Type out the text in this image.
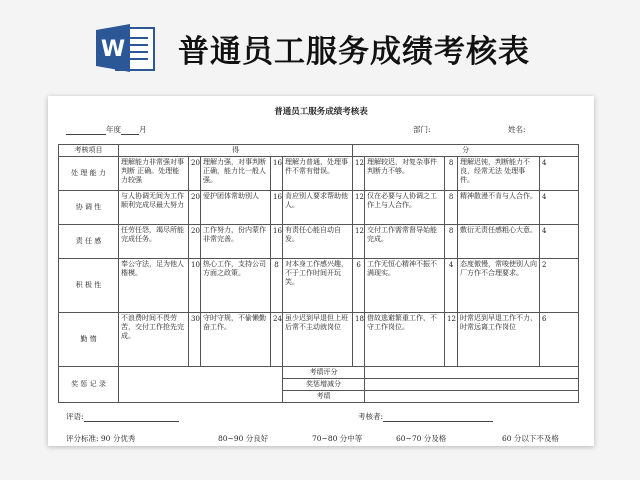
W 普通员工服务成绩考核表
普通员工服务成绩考核表
年度 月	部门:	姓名:
考核项目	得					分				
处 理 能 力	理解能力非常强对事判断 正确。处理能力较强	20	理解力强，对事判断正确，能力比一般人强。	16	理解力普通，处理事件不常有错误。	12	理解较迟，对复杂事件判断力不够。	8	理解迟钝，判断能力不良，经常无法 处理事件。	4
协 调 性	与人协调无间为工作顺利完成尽最大努力	20	爱护团体常助别人	16	肯应别人要求帮助他人。	12	仅在必要与人协调之工作上与人合作。	8	精神散漫不肯与人合作。	4
责 任 感	任劳任怨，竭尽所能完成任务。	20	工作努力，份内蒙作非常完善。	16	有责任心能自动自发。	12	交付工作需常督导始能完成。	8	敷衍无责任感粗心大意。	4
积 极 性	奉公守法，足为他人楷模。	10	热心工作，支持公司方面之政策。	8	对本身工作感兴趣，不于工作时间开玩笑。	6	工作无恒心精神不振不满现实。	4	态度傲慢，常唆使别人向厂方作不合理要求。	2
勤 惰	不浪费时间不畏劳苦，交付工作抢先完成。	30	守时守规，不偷懒勤奋工作。	24	虽少迟到早退但上班后常不主动就岗位	18	借故逃避繁重工作，不守工作岗位。	12	时常迟到早退工作不力，时常远离工作岗位	6
奖 惩 记 录					考绩评分					
					奖惩增减分					
					考绩					
评语:	考核者:
评分标准: 90 分优秀	80~90 分良好	70~80 分中等	60~70 分及格	60 分以下不及格
